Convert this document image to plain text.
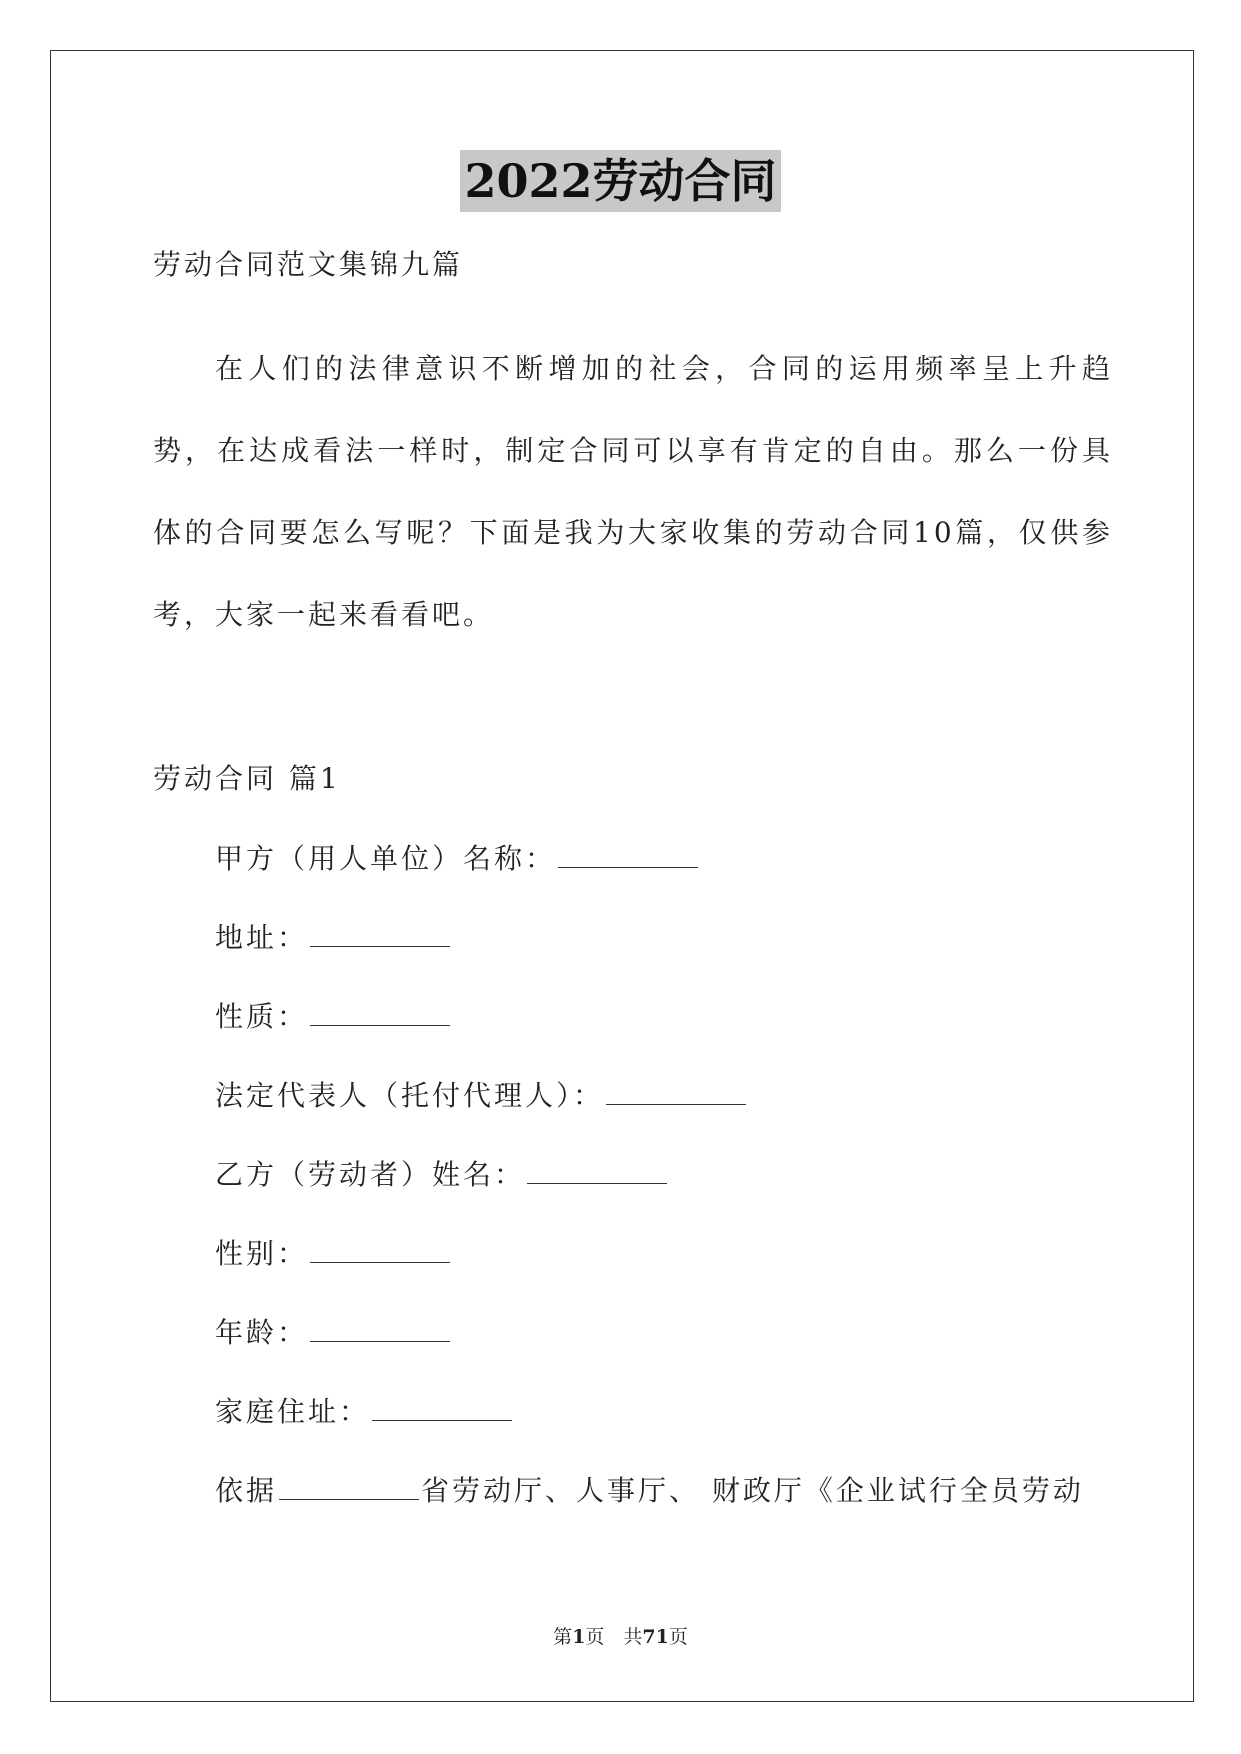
2022劳动合同
劳动合同范文集锦九篇

在人们的法律意识不断增加的社会，合同的运用频率呈上升趋势，在达成看法一样时，制定合同可以享有肯定的自由。那么一份具体的合同要怎么写呢？下面是我为大家收集的劳动合同10篇，仅供参考，大家一起来看看吧。

劳动合同 篇1
甲方（用人单位）名称：
地址：
性质：
法定代表人（托付代理人）：
乙方（劳动者）姓名：
性别：
年龄：
家庭住址：
依据	省劳动厅、人事厅、 财政厅《企业试行全员劳动
第1页　共71页
